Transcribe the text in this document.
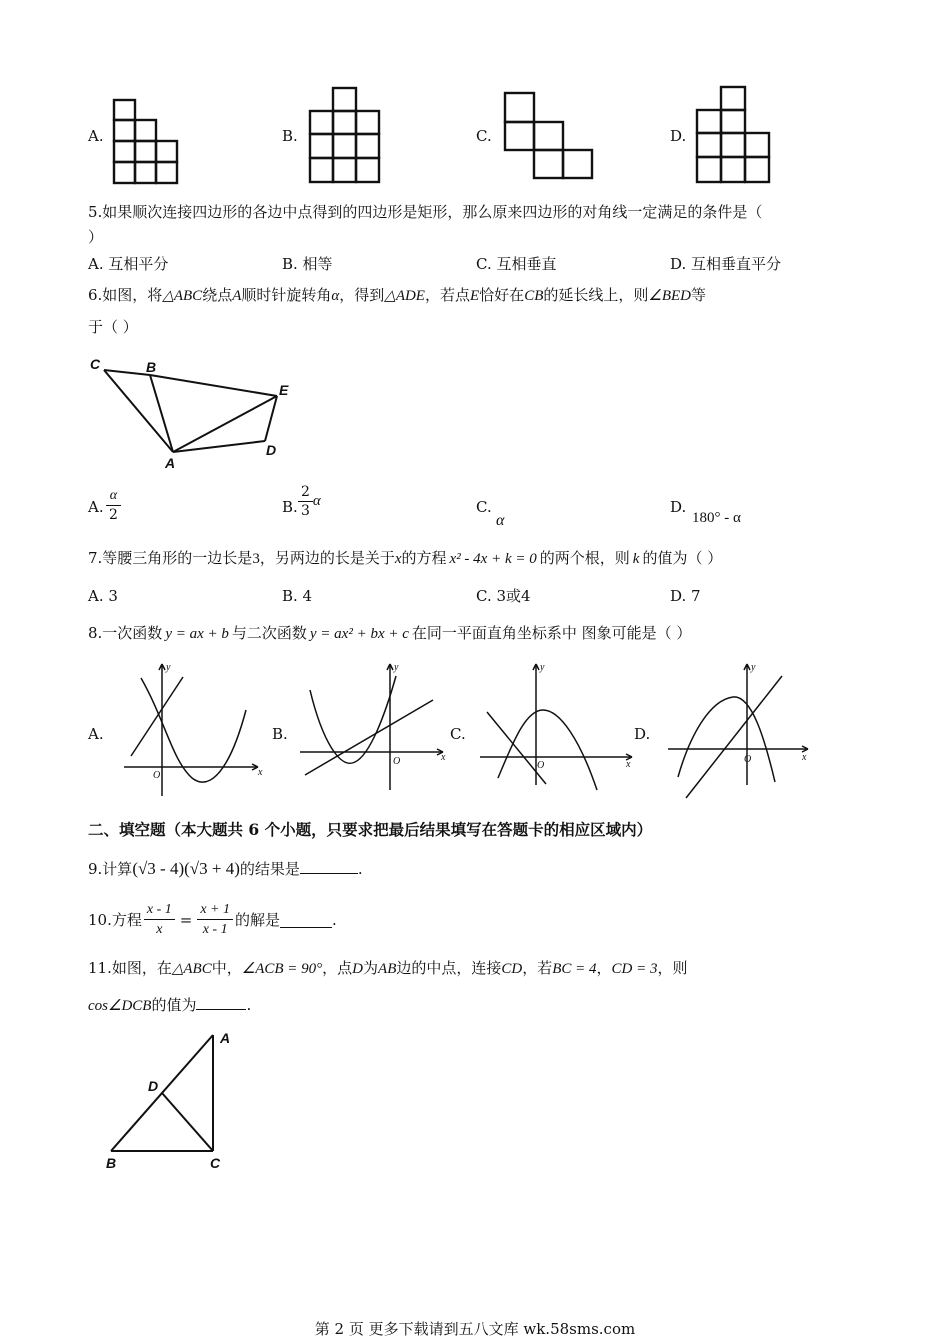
A.	B.	C.	D.
5.如果顺次连接四边形的各边中点得到的四边形是矩形，那么原来四边形的对角线一定满足的条件是（
）
A. 互相平分	B. 相等	C. 互相垂直	D. 互相垂直平分
6.如图，将△ABC绕点A顺时针旋转角α，得到△ADE，若点E恰好在CB的延长线上，则∠BED等
于（ ）
C	B
E
D
A
A. $\frac{\alpha}{2}$	B. $\frac{2}{3}$ α	C.
α
D.
180° - α
7.等腰三角形的一边长是3，另两边的长是关于x的方程 x² - 4x + k = 0 的两个根，则 k 的值为（ ）
A. 3	B. 4	C. 3或4	D. 7
8.一次函数 y = ax + b 与二次函数 y = ax² + bx + c 在同一平面直角坐标系中 图象可能是（ ）
A.	B.	C.	D.
y
x
O
y
x
O
y
x
O
y
x
O
二、填空题（本大题共 6 个小题，只要求把最后结果填写在答题卡的相应区域内）
9.计算(√3 - 4)(√3 + 4)的结果是	.
10.方程 $\frac{x - 1}{x} = \frac{x + 1}{x - 1}$ 的解是	.
11.如图，在△ABC中，∠ACB = 90°，点D为AB边的中点，连接CD，若BC = 4，CD = 3，则
cos∠DCB的值为	.
A
D
B	C
第 2 页 更多下载请到五八文库 wk.58sms.com
